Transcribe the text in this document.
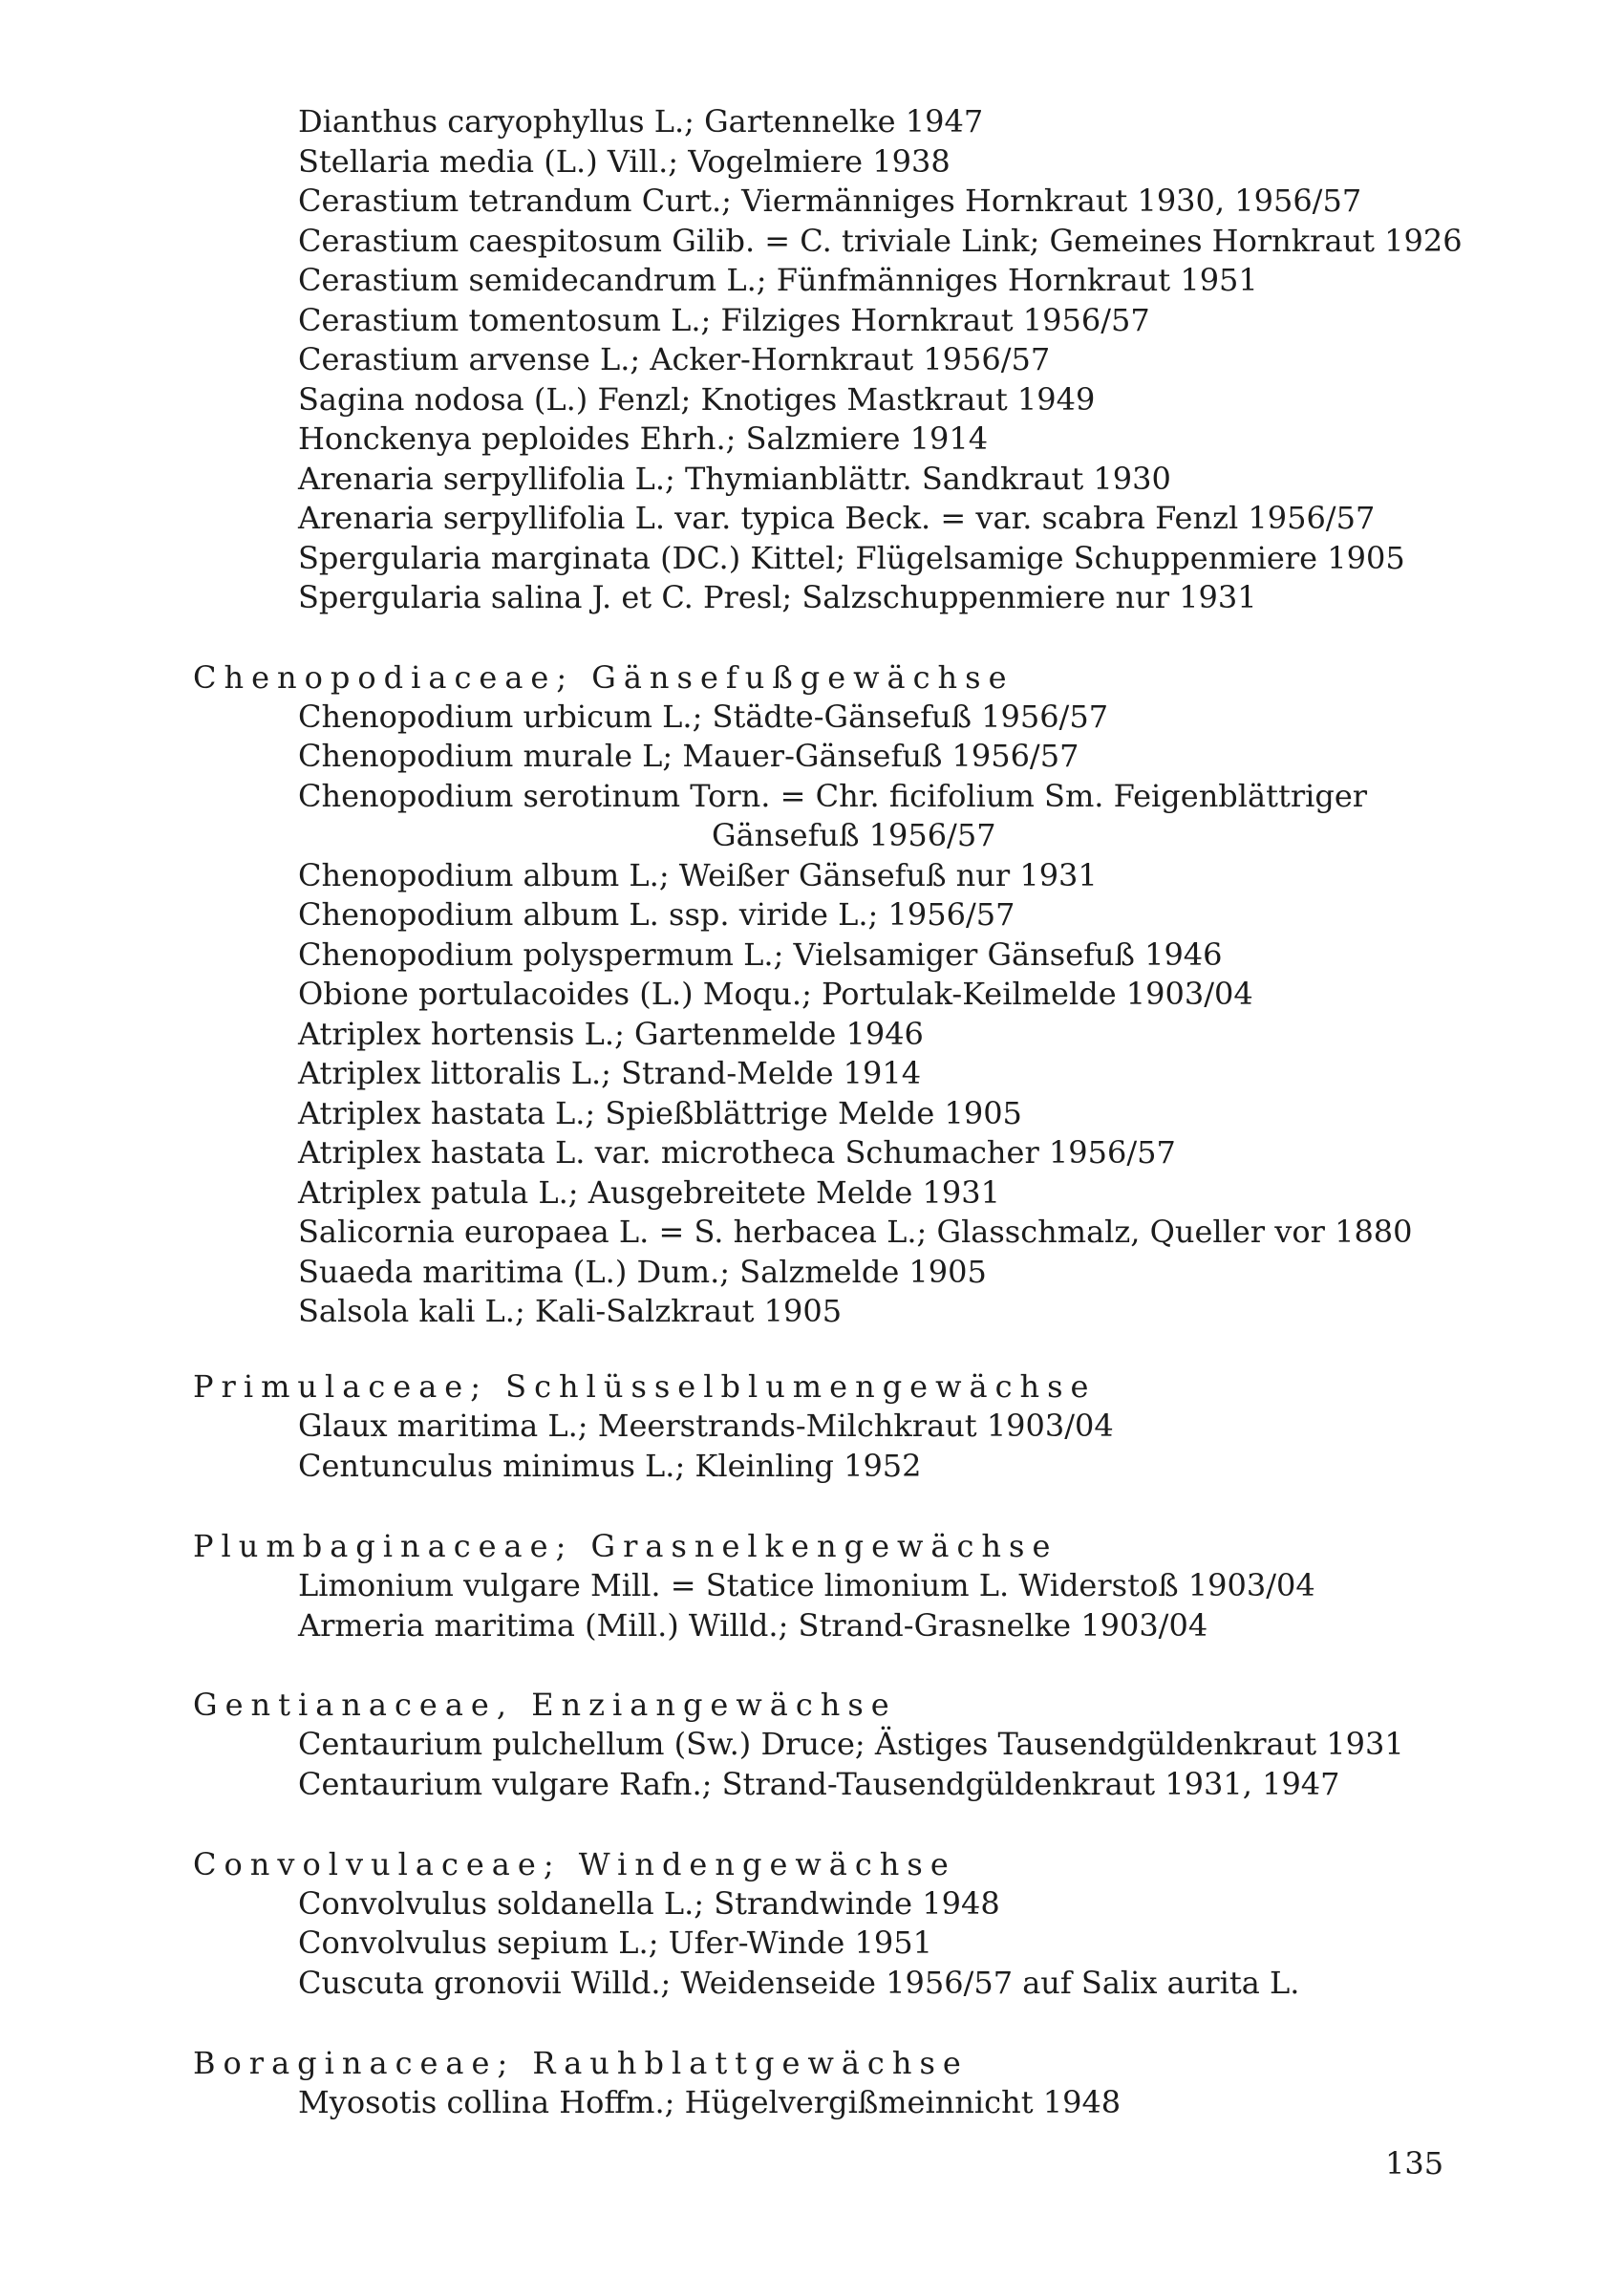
Dianthus caryophyllus L.; Gartennelke 1947
Stellaria media (L.) Vill.; Vogelmiere 1938
Cerastium tetrandum Curt.; Viermänniges Hornkraut 1930, 1956/57
Cerastium caespitosum Gilib. = C. triviale Link; Gemeines Hornkraut 1926
Cerastium semidecandrum L.; Fünfmänniges Hornkraut 1951
Cerastium tomentosum L.; Filziges Hornkraut 1956/57
Cerastium arvense L.; Acker-Hornkraut 1956/57
Sagina nodosa (L.) Fenzl; Knotiges Mastkraut 1949
Honckenya peploides Ehrh.; Salzmiere 1914
Arenaria serpyllifolia L.; Thymianblättr. Sandkraut 1930
Arenaria serpyllifolia L. var. typica Beck. = var. scabra Fenzl 1956/57
Spergularia marginata (DC.) Kittel; Flügelsamige Schuppenmiere 1905
Spergularia salina J. et C. Presl; Salzschuppenmiere nur 1931
Chenopodiaceae; Gänsefußgewächse
Chenopodium urbicum L.; Städte-Gänsefuß 1956/57
Chenopodium murale L; Mauer-Gänsefuß 1956/57
Chenopodium serotinum Torn. = Chr. ficifolium Sm. Feigenblättriger
Gänsefuß 1956/57
Chenopodium album L.; Weißer Gänsefuß nur 1931
Chenopodium album L. ssp. viride L.; 1956/57
Chenopodium polyspermum L.; Vielsamiger Gänsefuß 1946
Obione portulacoides (L.) Moqu.; Portulak-Keilmelde 1903/04
Atriplex hortensis L.; Gartenmelde 1946
Atriplex littoralis L.; Strand-Melde 1914
Atriplex hastata L.; Spießblättrige Melde 1905
Atriplex hastata L. var. microtheca Schumacher 1956/57
Atriplex patula L.; Ausgebreitete Melde 1931
Salicornia europaea L. = S. herbacea L.; Glasschmalz, Queller vor 1880
Suaeda maritima (L.) Dum.; Salzmelde 1905
Salsola kali L.; Kali-Salzkraut 1905
Primulaceae; Schlüsselblumengewächse
Glaux maritima L.; Meerstrands-Milchkraut 1903/04
Centunculus minimus L.; Kleinling 1952
Plumbaginaceae; Grasnelkengewächse
Limonium vulgare Mill. = Statice limonium L. Widerstoß 1903/04
Armeria maritima (Mill.) Willd.; Strand-Grasnelke 1903/04
Gentianaceae, Enziangewächse
Centaurium pulchellum (Sw.) Druce; Ästiges Tausendgüldenkraut 1931
Centaurium vulgare Rafn.; Strand-Tausendgüldenkraut 1931, 1947
Convolvulaceae; Windengewächse
Convolvulus soldanella L.; Strandwinde 1948
Convolvulus sepium L.; Ufer-Winde 1951
Cuscuta gronovii Willd.; Weidenseide 1956/57 auf Salix aurita L.
Boraginaceae; Rauhblattgewächse
Myosotis collina Hoffm.; Hügelvergißmeinnicht 1948
135
